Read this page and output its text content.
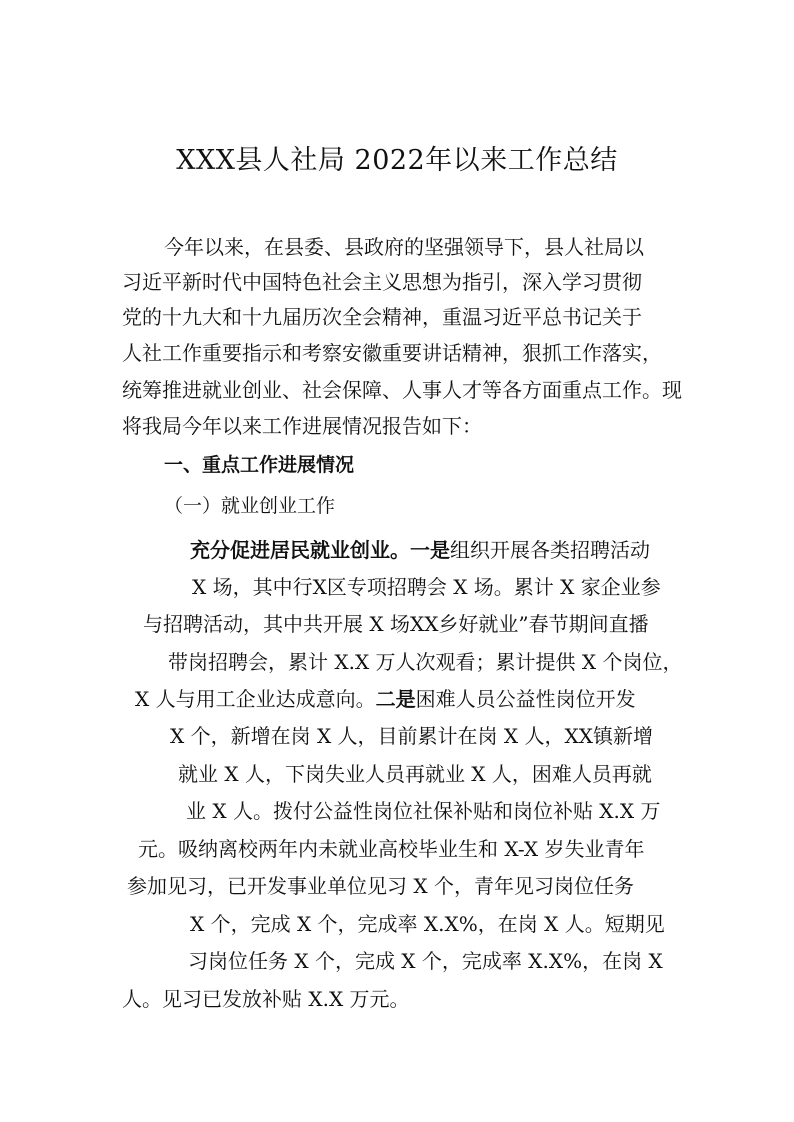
XXX县人社局 2022年以来工作总结
今年以来，在县委、县政府的坚强领导下，县人社局以
习近平新时代中国特色社会主义思想为指引，深入学习贯彻
党的十九大和十九届历次全会精神，重温习近平总书记关于
人社工作重要指示和考察安徽重要讲话精神，狠抓工作落实，
统筹推进就业创业、社会保障、人事人才等各方面重点工作。现
将我局今年以来工作进展情况报告如下：
一、重点工作进展情况
（一）就业创业工作
充分促进居民就业创业。一是组织开展各类招聘活动
X 场，其中行X区专项招聘会 X 场。累计 X 家企业参
与招聘活动，其中共开展 X 场XX乡好就业”春节期间直播
带岗招聘会，累计 X.X 万人次观看；累计提供 X 个岗位，
X 人与用工企业达成意向。二是困难人员公益性岗位开发
X 个，新增在岗 X 人，目前累计在岗 X 人，XX镇新增
就业 X 人，下岗失业人员再就业 X 人，困难人员再就
业 X 人。拨付公益性岗位社保补贴和岗位补贴 X.X 万
元。吸纳离校两年内未就业高校毕业生和 X-X 岁失业青年
参加见习，已开发事业单位见习 X 个，青年见习岗位任务
X 个，完成 X 个，完成率 X.X%，在岗 X 人。短期见
习岗位任务 X 个，完成 X 个，完成率 X.X%，在岗 X
人。见习已发放补贴 X.X 万元。
